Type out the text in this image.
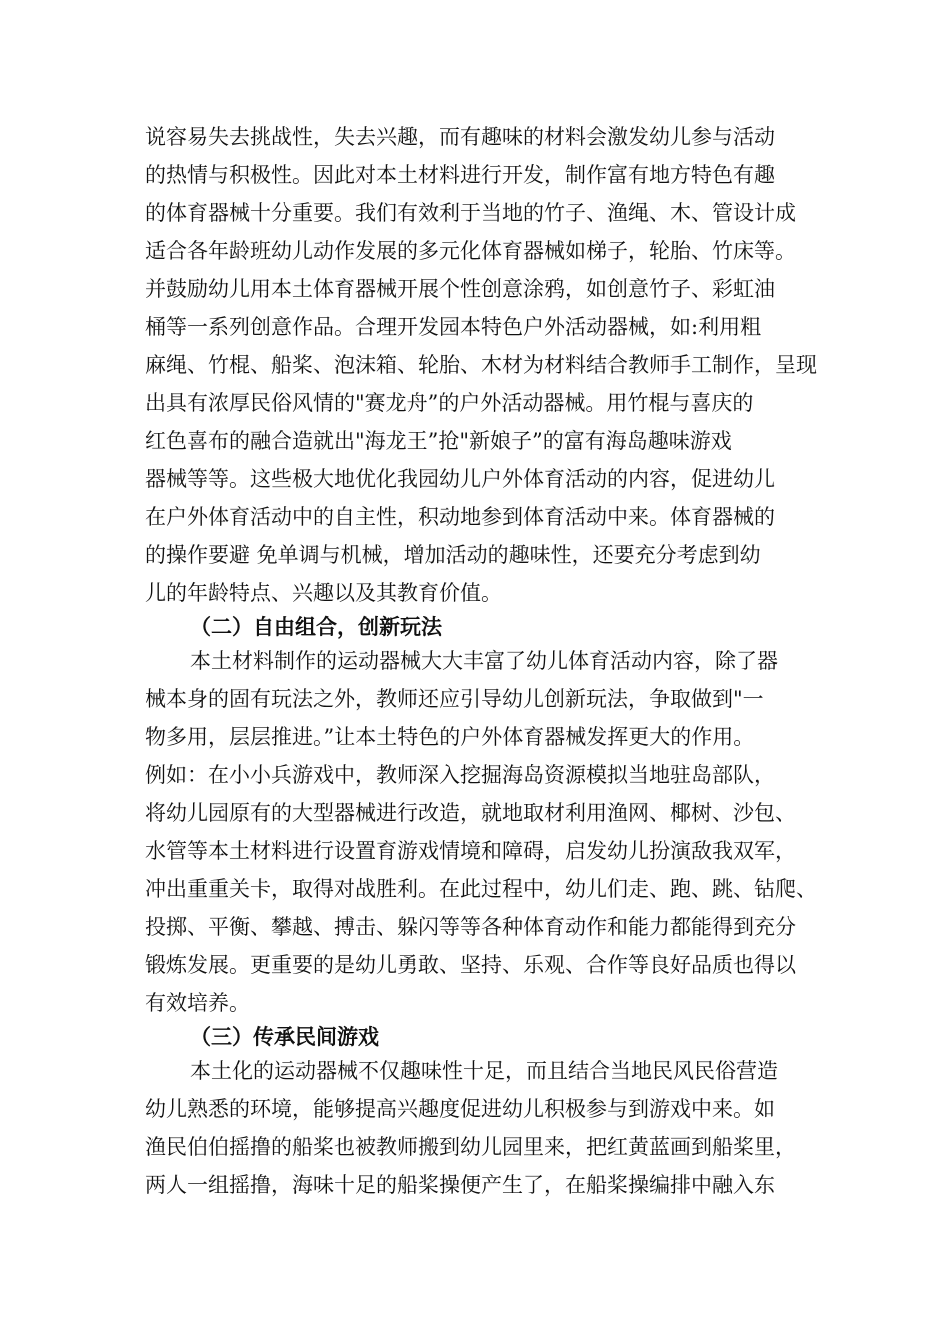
说容易失去挑战性，失去兴趣，而有趣味的材料会激发幼儿参与活动
的热情与积极性。因此对本土材料进行开发，制作富有地方特色有趣
的体育器械十分重要。我们有效利于当地的竹子、渔绳、木、管设计成
适合各年龄班幼儿动作发展的多元化体育器械如梯子，轮胎、竹床等。
并鼓励幼儿用本土体育器械开展个性创意涂鸦，如创意竹子、彩虹油
桶等一系列创意作品。合理开发园本特色户外活动器械，如:利用粗
麻绳、竹棍、船桨、泡沫箱、轮胎、木材为材料结合教师手工制作，呈现
出具有浓厚民俗风情的"赛龙舟”的户外活动器械。用竹棍与喜庆的
红色喜布的融合造就出"海龙王”抢"新娘子”的富有海岛趣味游戏
器械等等。这些极大地优化我园幼儿户外体育活动的内容，促进幼儿
在户外体育活动中的自主性，积动地参到体育活动中来。体育器械的
的操作要避 免单调与机械，增加活动的趣味性，还要充分考虑到幼
儿的年龄特点、兴趣以及其教育价值。
（二）自由组合，创新玩法
本土材料制作的运动器械大大丰富了幼儿体育活动内容，除了器
械本身的固有玩法之外，教师还应引导幼儿创新玩法，争取做到"一
物多用，层层推进。”让本土特色的户外体育器械发挥更大的作用。
例如：在小小兵游戏中，教师深入挖掘海岛资源模拟当地驻岛部队，
将幼儿园原有的大型器械进行改造，就地取材利用渔网、椰树、沙包、
水管等本土材料进行设置育游戏情境和障碍，启发幼儿扮演敌我双军，
冲出重重关卡，取得对战胜利。在此过程中，幼儿们走、跑、跳、钻爬、
投掷、平衡、攀越、搏击、躲闪等等各种体育动作和能力都能得到充分
锻炼发展。更重要的是幼儿勇敢、坚持、乐观、合作等良好品质也得以
有效培养。
（三）传承民间游戏
本土化的运动器械不仅趣味性十足，而且结合当地民风民俗营造
幼儿熟悉的环境，能够提高兴趣度促进幼儿积极参与到游戏中来。如
渔民伯伯摇撸的船桨也被教师搬到幼儿园里来，把红黄蓝画到船桨里，
两人一组摇撸，海味十足的船桨操便产生了，在船桨操编排中融入东
